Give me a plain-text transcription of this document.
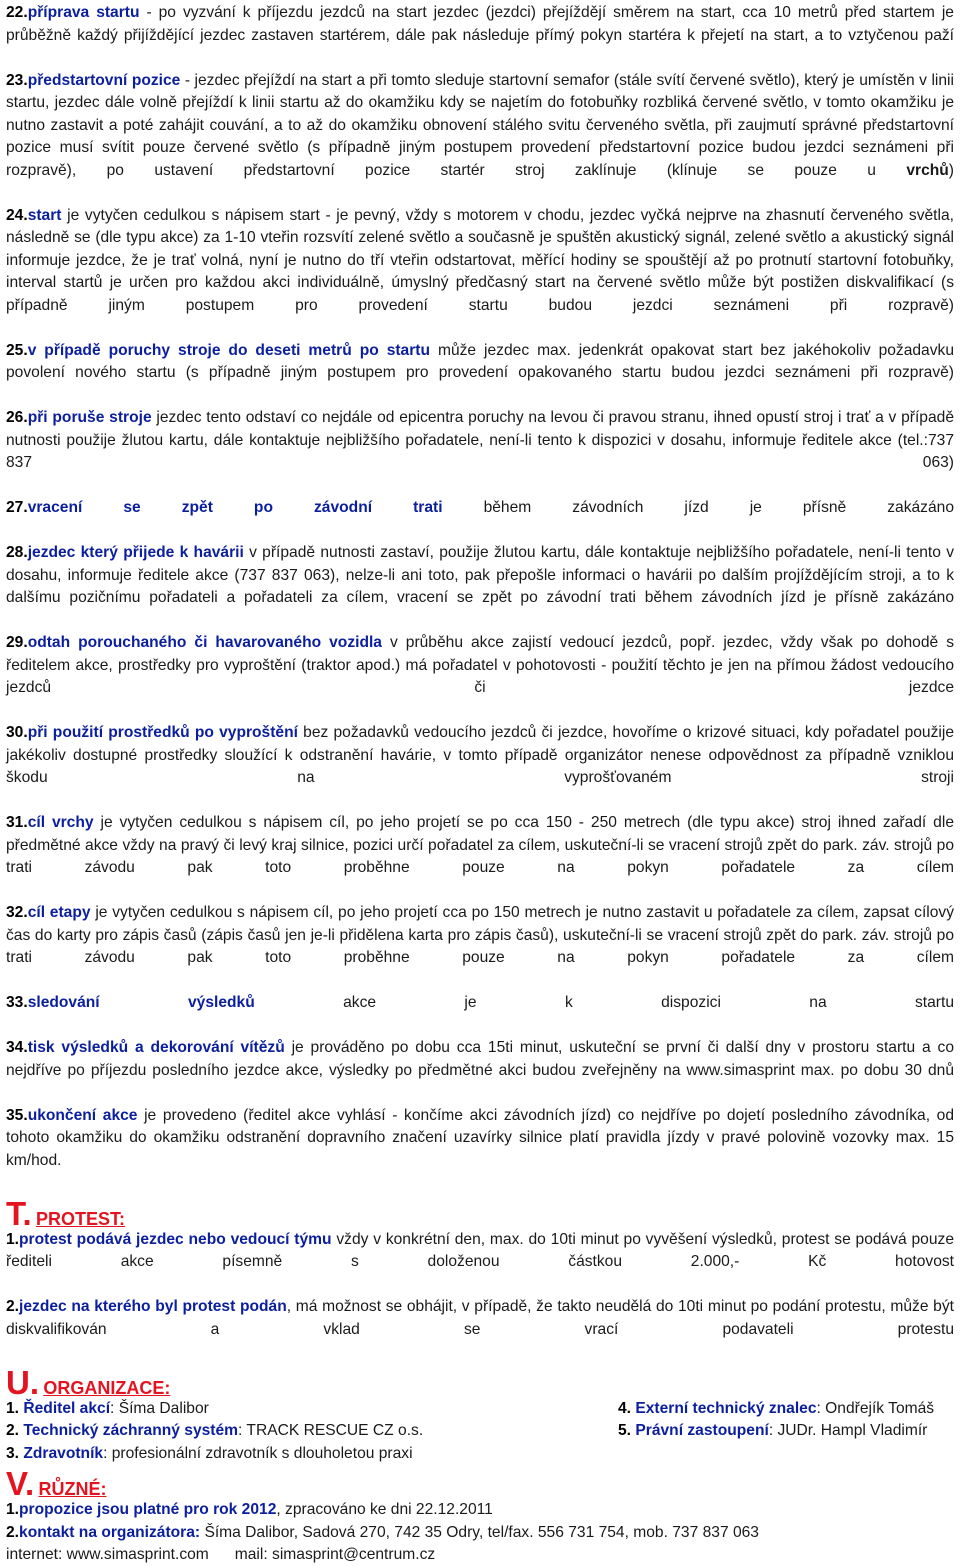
22.příprava startu - po vyzvání k příjezdu jezdců na start jezdec (jezdci) přejíždějí směrem na start, cca 10 metrů před startem je průběžně každý přijíždějící jezdec zastaven startérem, dále pak následuje přímý pokyn startéra k přejetí na start, a to vztyčenou paží

23.předstartovní pozice - jezdec přejíždí na start a při tomto sleduje startovní semafor (stále svítí červené světlo), který je umístěn v linii startu, jezdec dále volně přejíždí k linii startu až do okamžiku kdy se najetím do fotobuňky rozbliká červené světlo, v tomto okamžiku je nutno zastavit a poté zahájit couvání, a to až do okamžiku obnovení stálého svitu červeného světla, při zaujmutí správné předstartovní pozice musí svítit pouze červené světlo (s případně jiným postupem provedení předstartovní pozice budou jezdci seznámeni při rozpravě), po ustavení předstartovní pozice startér stroj zaklínuje (klínuje se pouze u vrchů)

24.start je vytyčen cedulkou s nápisem start - je pevný, vždy s motorem v chodu, jezdec vyčká nejprve na zhasnutí červeného světla, následně se (dle typu akce) za 1-10 vteřin rozsvítí zelené světlo a současně je spuštěn akustický signál, zelené světlo a akustický signál informuje jezdce, že je trať volná, nyní je nutno do tří vteřin odstartovat, měřící hodiny se spouštějí až po protnutí startovní fotobuňky, interval startů je určen pro každou akci individuálně, úmyslný předčasný start na červené světlo může být postižen diskvalifikací (s případně jiným postupem pro provedení startu budou jezdci seznámeni při rozpravě)

25.v případě poruchy stroje do deseti metrů po startu může jezdec max. jedenkrát opakovat start bez jakéhokoliv požadavku povolení nového startu (s případně jiným postupem pro provedení opakovaného startu budou jezdci seznámeni při rozpravě)

26.při poruše stroje jezdec tento odstaví co nejdále od epicentra poruchy na levou či pravou stranu, ihned opustí stroj i trať a v případě nutnosti použije žlutou kartu, dále kontaktuje nejbližšího pořadatele, není-li tento k dispozici v dosahu, informuje ředitele akce (tel.:737 837 063)

27.vracení se zpět po závodní trati během závodních jízd je přísně zakázáno

28.jezdec který přijede k havárii v případě nutnosti zastaví, použije žlutou kartu, dále kontaktuje nejbližšího pořadatele, není-li tento v dosahu, informuje ředitele akce (737 837 063), nelze-li ani toto, pak přepošle informaci o havárii po dalším projíždějícím stroji, a to k dalšímu pozičnímu pořadateli a pořadateli za cílem, vracení se zpět po závodní trati během závodních jízd je přísně zakázáno

29.odtah porouchaného či havarovaného vozidla v průběhu akce zajistí vedoucí jezdců, popř. jezdec, vždy však po dohodě s ředitelem akce, prostředky pro vyproštění (traktor apod.) má pořadatel v pohotovosti - použití těchto je jen na přímou žádost vedoucího jezdců či jezdce

30.při použití prostředků po vyproštění bez požadavků vedoucího jezdců či jezdce, hovoříme o krizové situaci, kdy pořadatel použije jakékoliv dostupné prostředky sloužící k odstranění havárie, v tomto případě organizátor nenese odpovědnost za případně vzniklou škodu na vyprošťovaném stroji

31.cíl vrchy je vytyčen cedulkou s nápisem cíl, po jeho projetí se po cca 150 - 250 metrech (dle typu akce) stroj ihned zařadí dle předmětné akce vždy na pravý či levý kraj silnice, pozici určí pořadatel za cílem, uskuteční-li se vracení strojů zpět do park. záv. strojů po trati závodu pak toto proběhne pouze na pokyn pořadatele za cílem

32.cíl etapy je vytyčen cedulkou s nápisem cíl, po jeho projetí cca po 150 metrech je nutno zastavit u pořadatele za cílem, zapsat cílový čas do karty pro zápis časů (zápis časů jen je-li přidělena karta pro zápis časů), uskuteční-li se vracení strojů zpět do park. záv. strojů po trati závodu pak toto proběhne pouze na pokyn pořadatele za cílem

33.sledování výsledků akce je k dispozici na startu

34.tisk výsledků a dekorování vítězů je prováděno po dobu cca 15ti minut, uskuteční se první či další dny v prostoru startu a co nejdříve po příjezdu posledního jezdce akce, výsledky po předmětné akci budou zveřejněny na www.simasprint max. po dobu 30 dnů

35.ukončení akce je provedeno (ředitel akce vyhlásí - končíme akci závodních jízd) co nejdříve po dojetí posledního závodníka, od tohoto okamžiku do okamžiku odstranění dopravního značení uzavírky silnice platí pravidla jízdy v pravé polovině vozovky max. 15 km/hod.

T. PROTEST:

1.protest podává jezdec nebo vedoucí týmu vždy v konkrétní den, max. do 10ti minut po vyvěšení výsledků, protest se podává pouze řediteli akce písemně s doloženou částkou 2.000,- Kč hotovost

2.jezdec na kterého byl protest podán, má možnost se obhájit, v případě, že takto neudělá do 10ti minut po podání protestu, může být diskvalifikován a vklad se vrací podavateli protestu

U. ORGANIZACE:
1. Ředitel akcí: Šíma Dalibor	4. Externí technický znalec: Ondřejík Tomáš
2. Technický záchranný systém: TRACK RESCUE CZ o.s.	5. Právní zastoupení: JUDr. Hampl Vladimír
3. Zdravotník: profesionální zdravotník s dlouholetou praxi
V. RŮZNÉ:

1.propozice jsou platné pro rok 2012, zpracováno ke dni 22.12.2011

2.kontakt na organizátora: Šíma Dalibor, Sadová 270, 742 35 Odry, tel/fax. 556 731 754, mob. 737 837 063

internet: www.simasprint.com      mail: simasprint@centrum.cz
